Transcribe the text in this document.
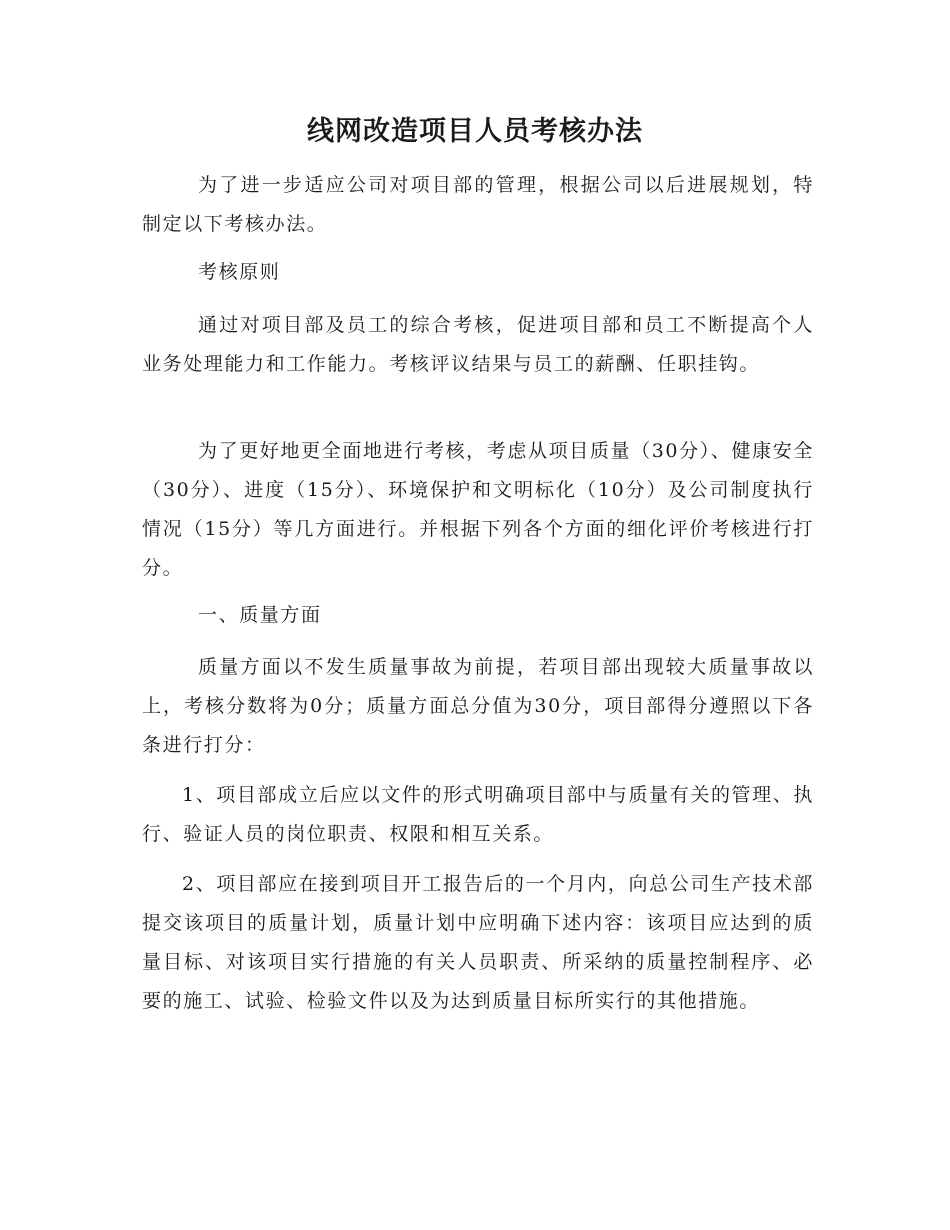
线网改造项目人员考核办法

为了进一步适应公司对项目部的管理，根据公司以后进展规划，特制定以下考核办法。

考核原则

通过对项目部及员工的综合考核，促进项目部和员工不断提高个人业务处理能力和工作能力。考核评议结果与员工的薪酬、任职挂钩。

为了更好地更全面地进行考核，考虑从项目质量（30分）、健康安全（30分）、进度（15分）、环境保护和文明标化（10分）及公司制度执行情况（15分）等几方面进行。并根据下列各个方面的细化评价考核进行打分。

一、质量方面

质量方面以不发生质量事故为前提，若项目部出现较大质量事故以上，考核分数将为0分；质量方面总分值为30分，项目部得分遵照以下各条进行打分：

1、项目部成立后应以文件的形式明确项目部中与质量有关的管理、执行、验证人员的岗位职责、权限和相互关系。

2、项目部应在接到项目开工报告后的一个月内，向总公司生产技术部提交该项目的质量计划，质量计划中应明确下述内容：该项目应达到的质量目标、对该项目实行措施的有关人员职责、所采纳的质量控制程序、必要的施工、试验、检验文件以及为达到质量目标所实行的其他措施。
